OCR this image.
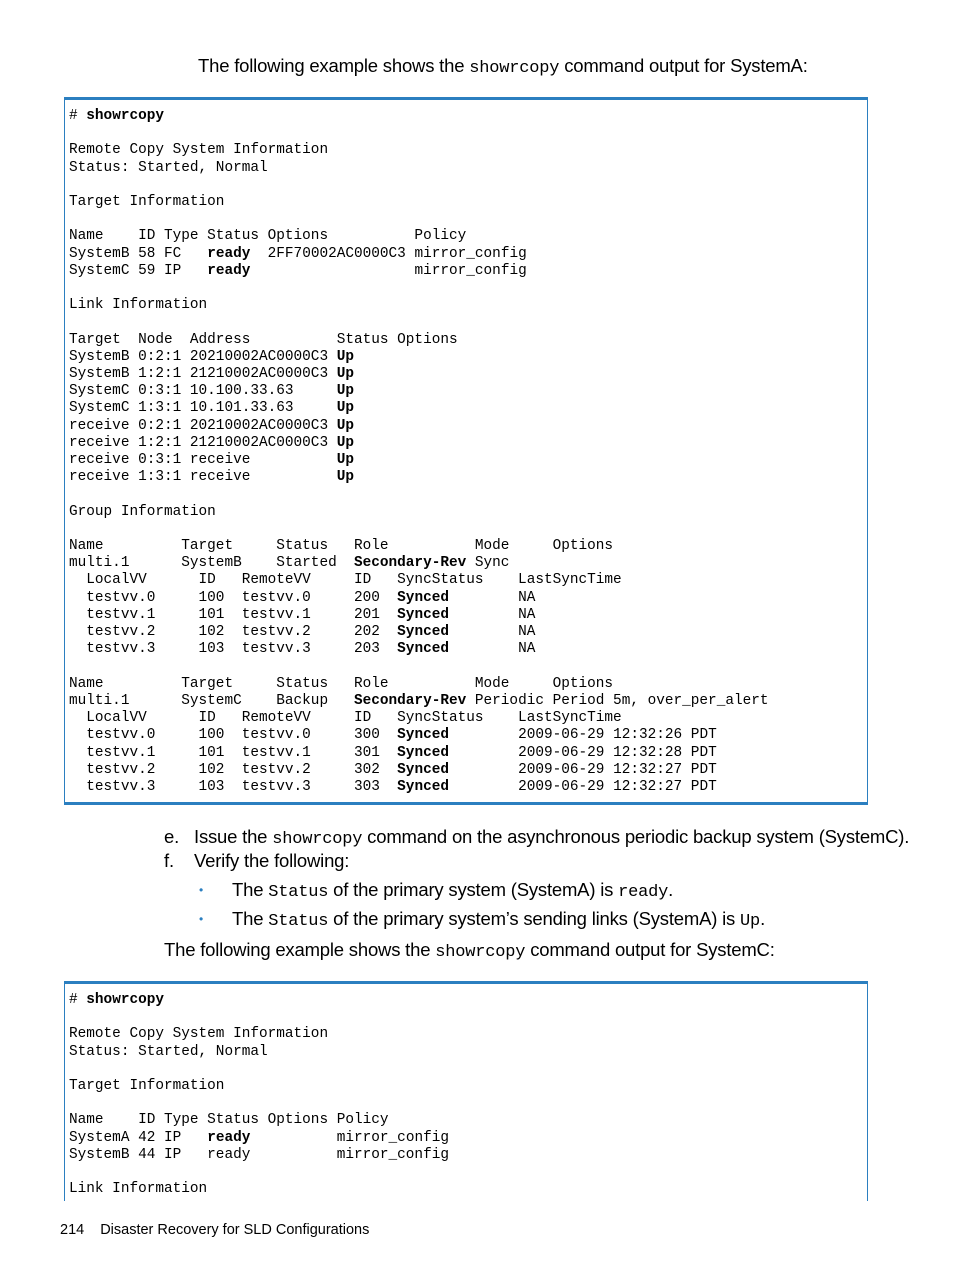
The following example shows the showrcopy command output for SystemA:
# showrcopy

Remote Copy System Information
Status: Started, Normal

Target Information

Name    ID Type Status Options          Policy
SystemB 58 FC   ready  2FF70002AC0000C3 mirror_config
SystemC 59 IP   ready                   mirror_config

Link Information

Target  Node  Address          Status Options
SystemB 0:2:1 20210002AC0000C3 Up
SystemB 1:2:1 21210002AC0000C3 Up
SystemC 0:3:1 10.100.33.63     Up
SystemC 1:3:1 10.101.33.63     Up
receive 0:2:1 20210002AC0000C3 Up
receive 1:2:1 21210002AC0000C3 Up
receive 0:3:1 receive          Up
receive 1:3:1 receive          Up

Group Information

Name         Target     Status   Role          Mode     Options
multi.1      SystemB    Started  Secondary-Rev Sync
LocalVV      ID   RemoteVV     ID   SyncStatus    LastSyncTime
testvv.0     100  testvv.0     200  Synced        NA
testvv.1     101  testvv.1     201  Synced        NA
testvv.2     102  testvv.2     202  Synced        NA
testvv.3     103  testvv.3     203  Synced        NA

Name         Target     Status   Role          Mode     Options
multi.1      SystemC    Backup   Secondary-Rev Periodic Period 5m, over_per_alert
LocalVV      ID   RemoteVV     ID   SyncStatus    LastSyncTime
testvv.0     100  testvv.0     300  Synced        2009-06-29 12:32:26 PDT
testvv.1     101  testvv.1     301  Synced        2009-06-29 12:32:28 PDT
testvv.2     102  testvv.2     302  Synced        2009-06-29 12:32:27 PDT
testvv.3     103  testvv.3     303  Synced        2009-06-29 12:32:27 PDT

e. Issue the showrcopy command on the asynchronous periodic backup system (SystemC).
f. Verify the following:
• The Status of the primary system (SystemA) is ready.
• The Status of the primary system’s sending links (SystemA) is Up.
The following example shows the showrcopy command output for SystemC:
# showrcopy

Remote Copy System Information
Status: Started, Normal

Target Information

Name    ID Type Status Options Policy
SystemA 42 IP   ready          mirror_config
SystemB 44 IP   ready          mirror_config

Link Information

214 Disaster Recovery for SLD Configurations
